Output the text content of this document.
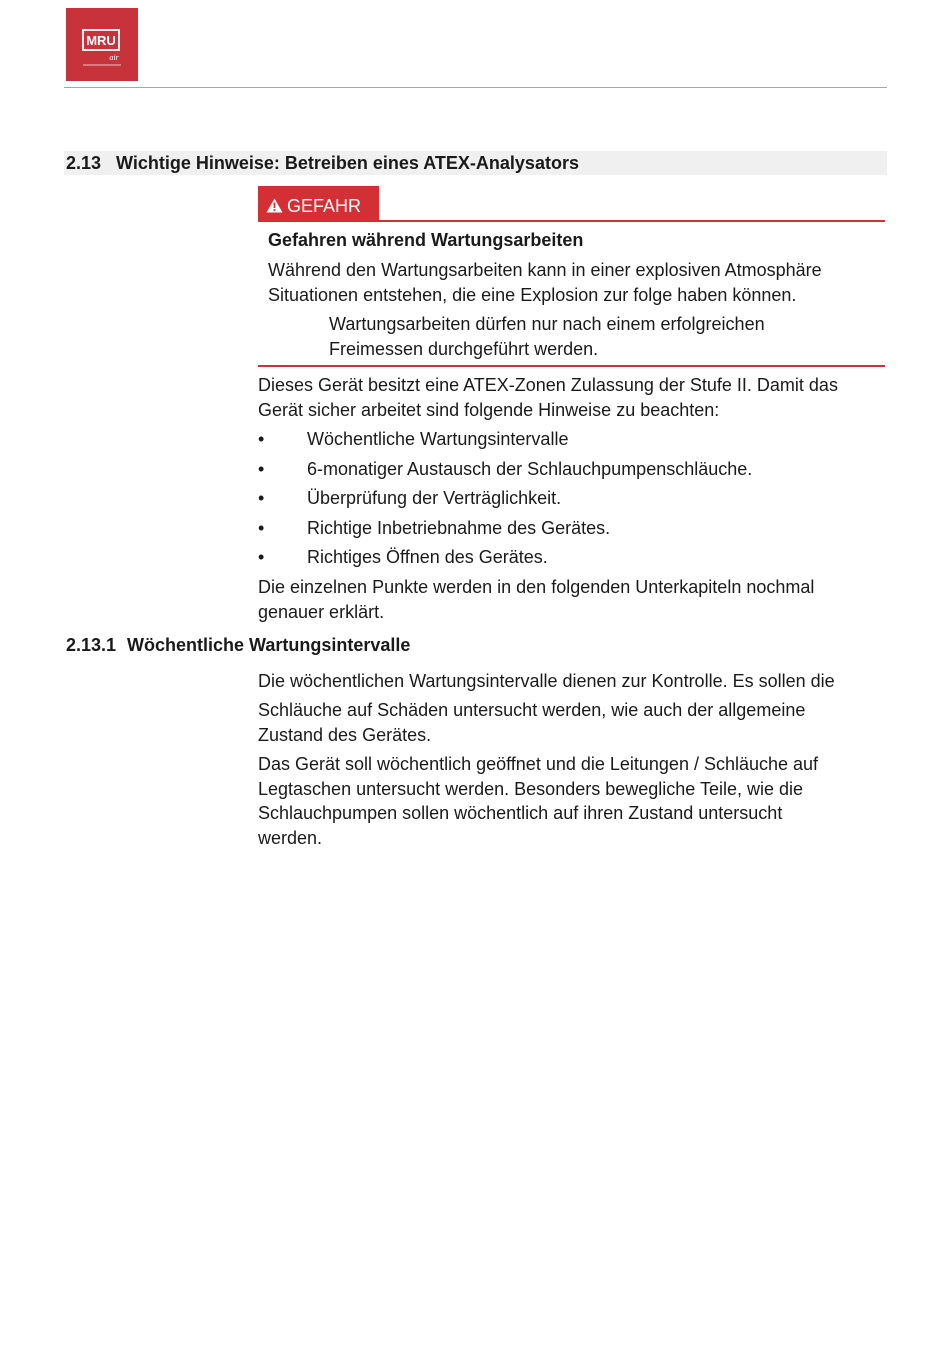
MRU
air
2.13 Wichtige Hinweise: Betreiben eines ATEX-Analysators
GEFAHR
Gefahren während Wartungsarbeiten
Während den Wartungsarbeiten kann in einer explosiven Atmosphäre
Situationen entstehen, die eine Explosion zur folge haben können.
Wartungsarbeiten dürfen nur nach einem erfolgreichen
Freimessen durchgeführt werden.
Dieses Gerät besitzt eine ATEX-Zonen Zulassung der Stufe II. Damit das
Gerät sicher arbeitet sind folgende Hinweise zu beachten:
• Wöchentliche Wartungsintervalle
• 6-monatiger Austausch der Schlauchpumpenschläuche.
• Überprüfung der Verträglichkeit.
• Richtige Inbetriebnahme des Gerätes.
• Richtiges Öffnen des Gerätes.
Die einzelnen Punkte werden in den folgenden Unterkapiteln nochmal
genauer erklärt.
2.13.1 Wöchentliche Wartungsintervalle
Die wöchentlichen Wartungsintervalle dienen zur Kontrolle. Es sollen die
Schläuche auf Schäden untersucht werden, wie auch der allgemeine
Zustand des Gerätes.
Das Gerät soll wöchentlich geöffnet und die Leitungen / Schläuche auf
Legtaschen untersucht werden. Besonders bewegliche Teile, wie die
Schlauchpumpen sollen wöchentlich auf ihren Zustand untersucht
werden.
